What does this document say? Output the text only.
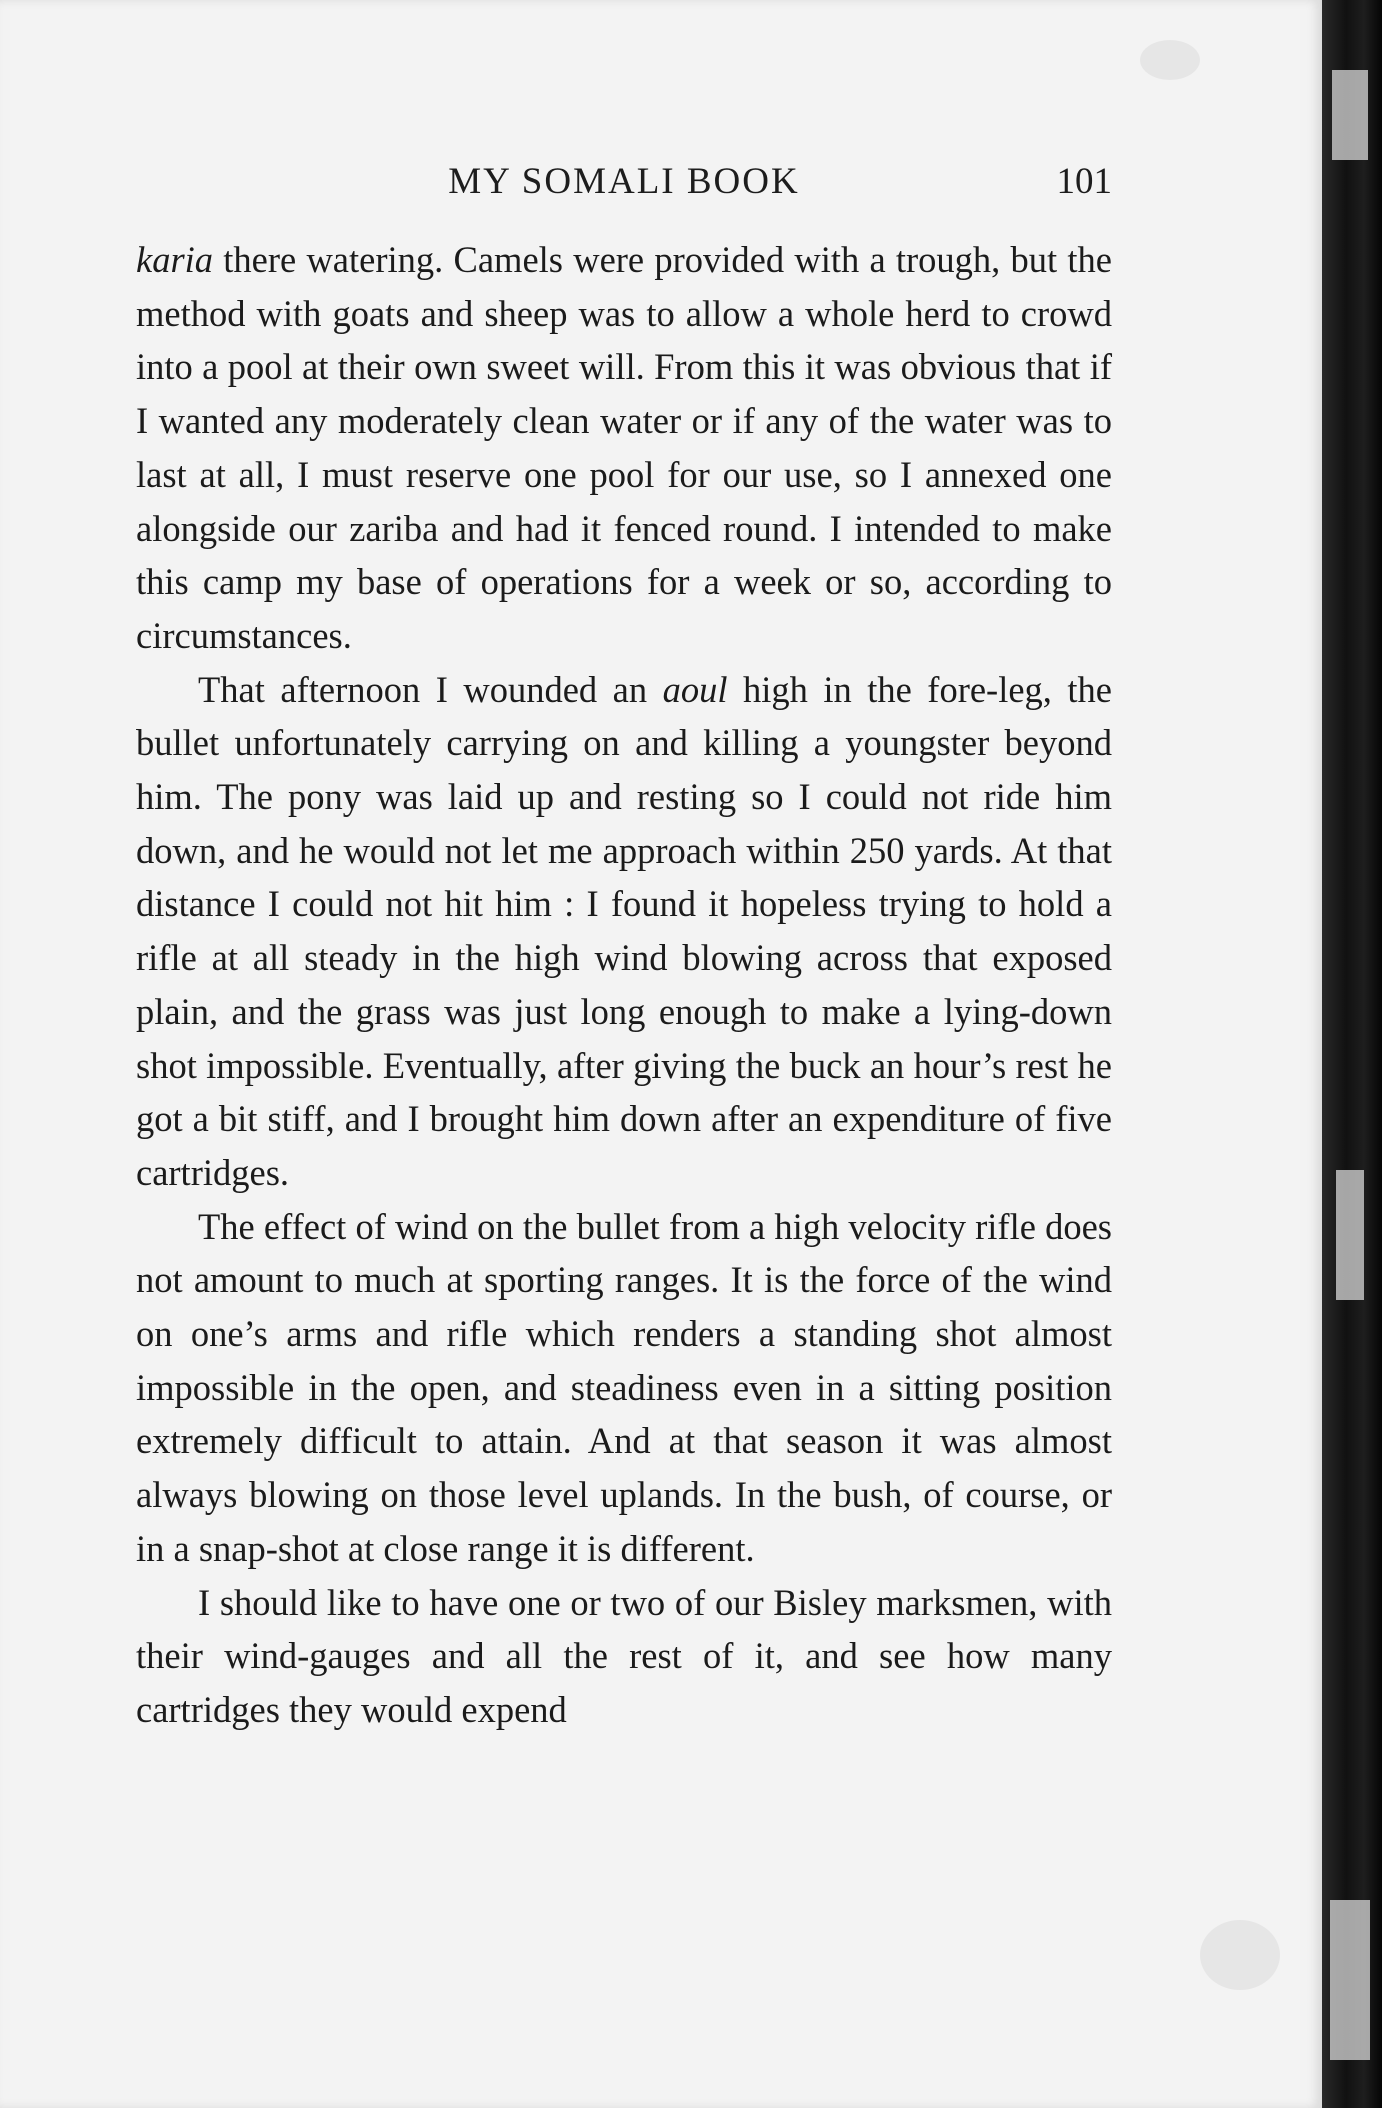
MY SOMALI BOOK	101

karia there watering. Camels were provided with a trough, but the method with goats and sheep was to allow a whole herd to crowd into a pool at their own sweet will. From this it was obvious that if I wanted any moderately clean water or if any of the water was to last at all, I must reserve one pool for our use, so I annexed one alongside our zariba and had it fenced round. I intended to make this camp my base of operations for a week or so, according to circumstances.

That afternoon I wounded an aoul high in the fore-leg, the bullet unfortunately carrying on and killing a youngster beyond him. The pony was laid up and resting so I could not ride him down, and he would not let me approach within 250 yards. At that distance I could not hit him : I found it hopeless trying to hold a rifle at all steady in the high wind blowing across that exposed plain, and the grass was just long enough to make a lying-down shot impossible. Eventually, after giving the buck an hour’s rest he got a bit stiff, and I brought him down after an expenditure of five cartridges.

The effect of wind on the bullet from a high velocity rifle does not amount to much at sporting ranges. It is the force of the wind on one’s arms and rifle which renders a standing shot almost impossible in the open, and steadiness even in a sitting position extremely difficult to attain. And at that season it was almost always blowing on those level uplands. In the bush, of course, or in a snap-shot at close range it is different.

I should like to have one or two of our Bisley marksmen, with their wind-gauges and all the rest of it, and see how many cartridges they would expend
